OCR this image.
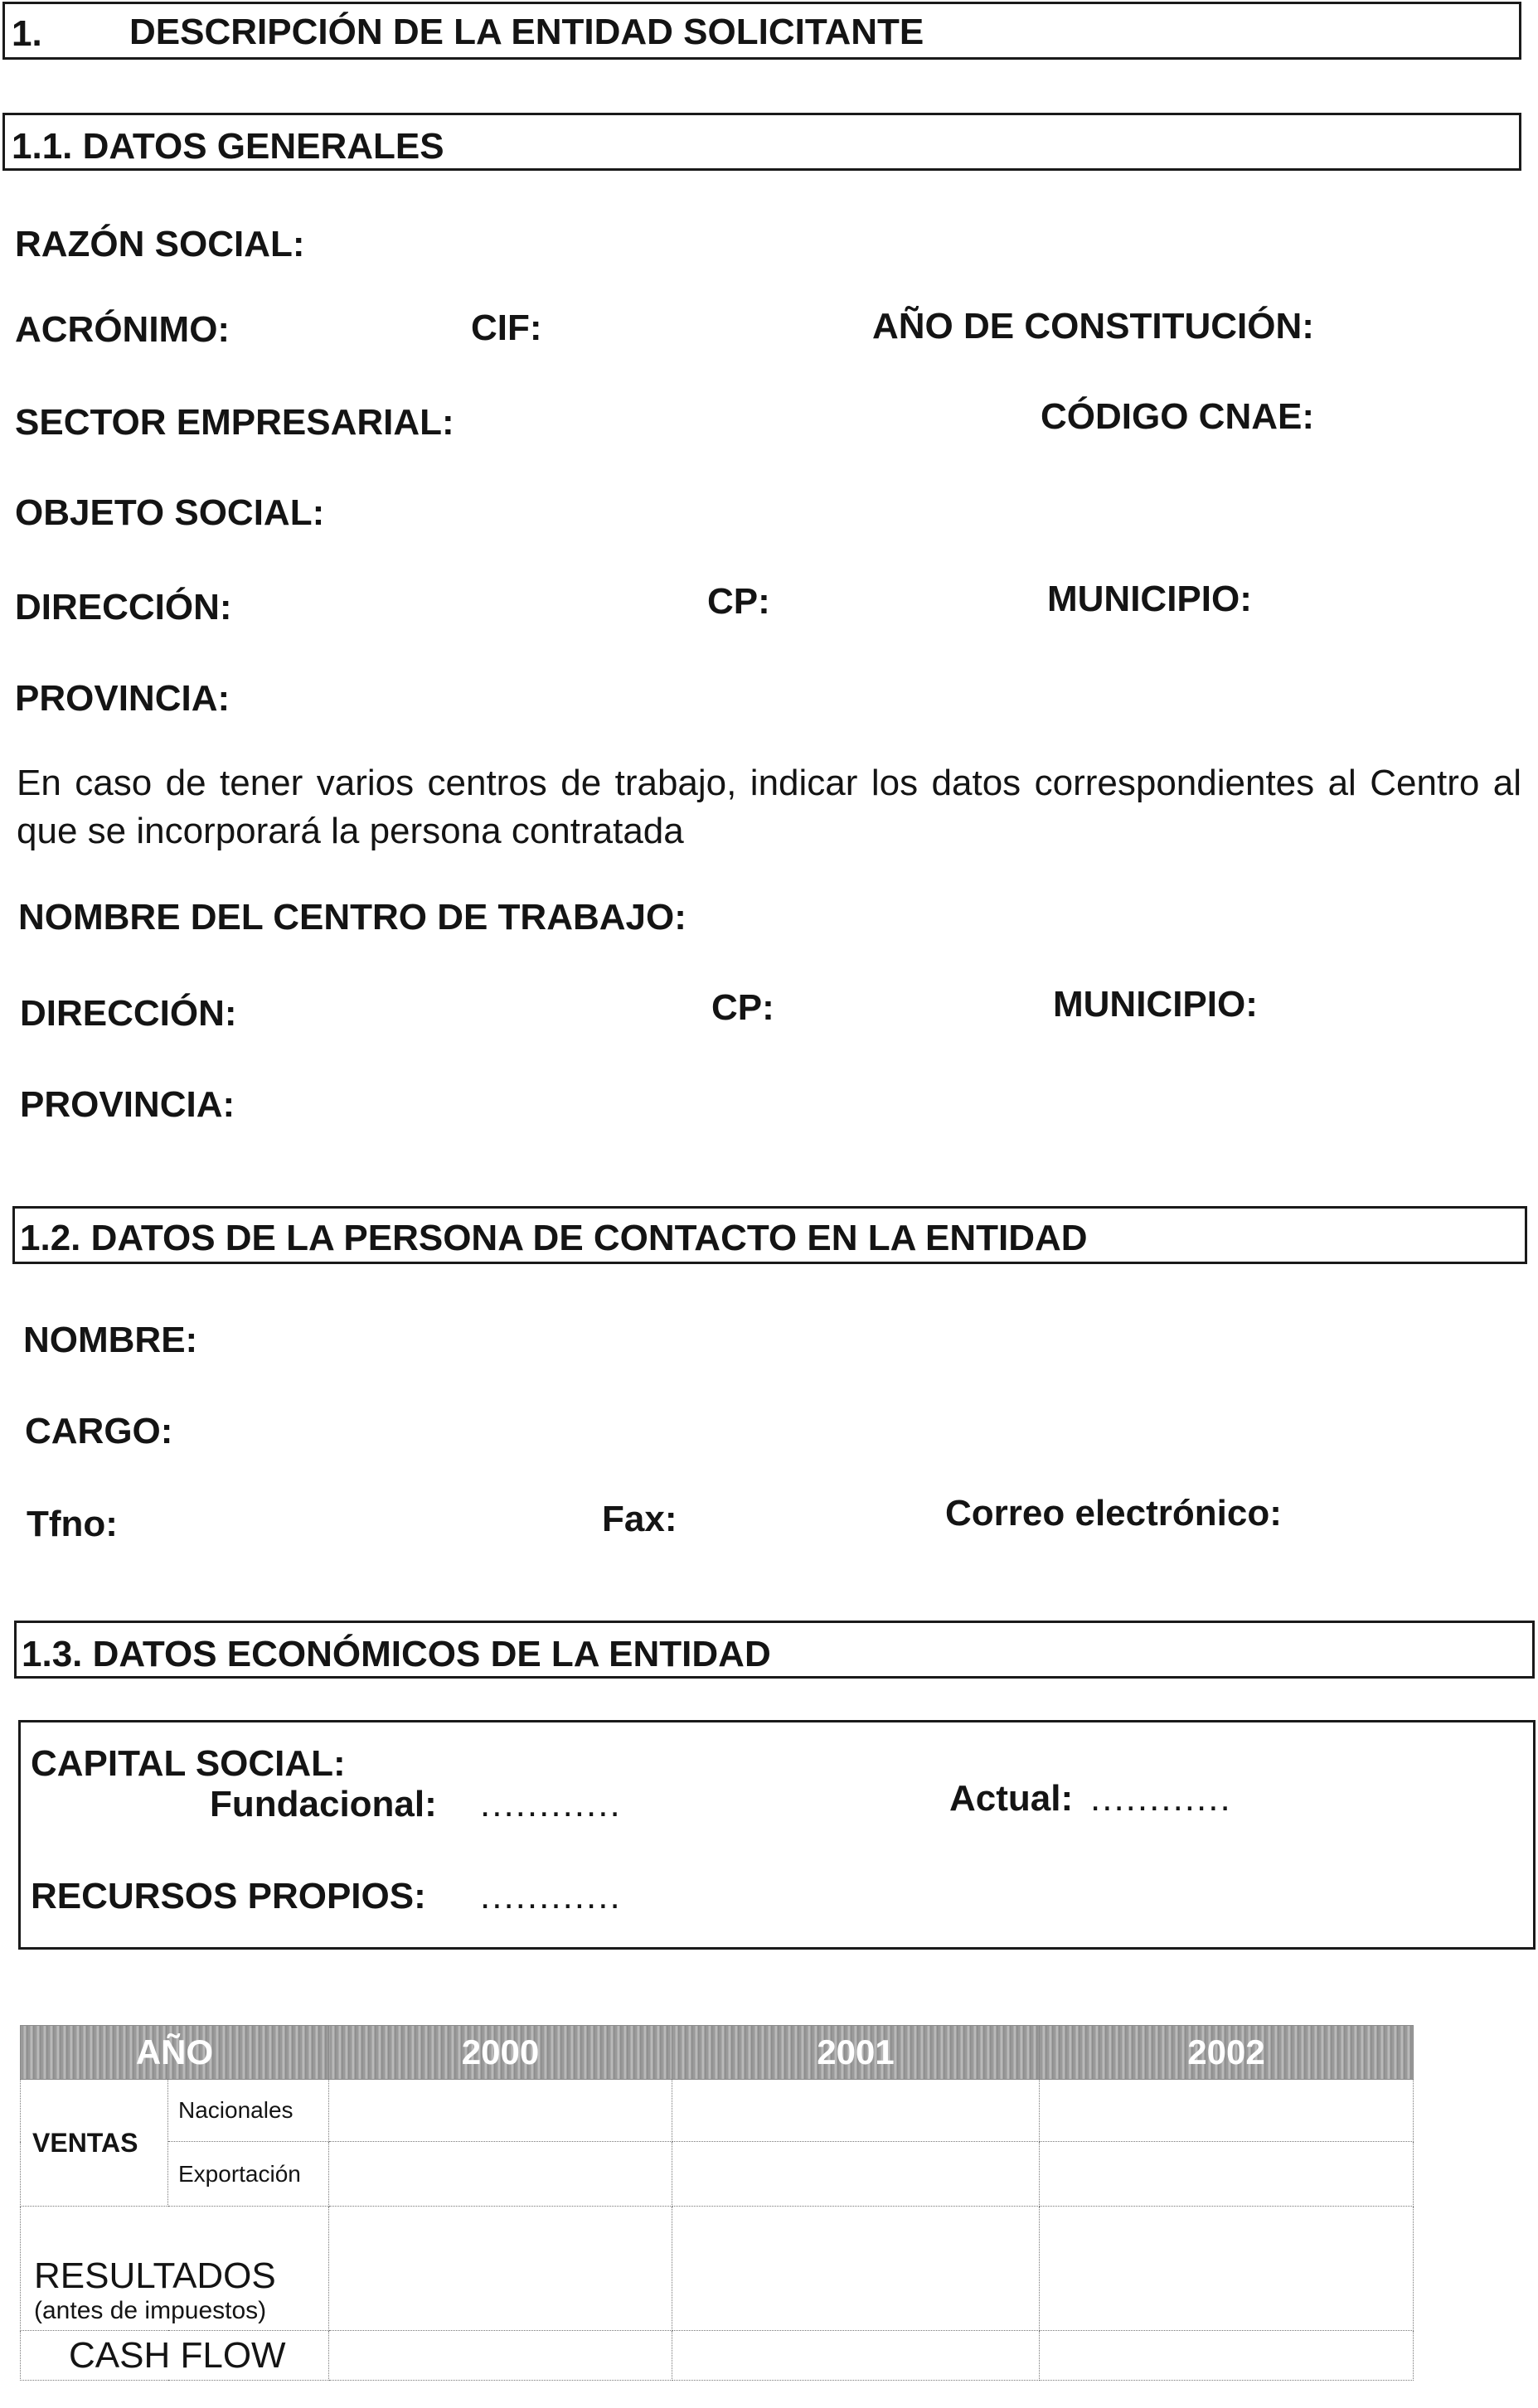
1. DESCRIPCIÓN DE LA ENTIDAD SOLICITANTE
1.1. DATOS GENERALES
RAZÓN SOCIAL:
ACRÓNIMO:	CIF:	AÑO DE CONSTITUCIÓN:
SECTOR EMPRESARIAL:	CÓDIGO CNAE:
OBJETO SOCIAL:
DIRECCIÓN:	CP:	MUNICIPIO:
PROVINCIA:
En caso de tener varios centros de trabajo, indicar los datos correspondientes al Centro al que se incorporará la persona contratada
NOMBRE DEL CENTRO DE TRABAJO:
DIRECCIÓN:	CP:	MUNICIPIO:
PROVINCIA:
1.2. DATOS DE LA PERSONA DE CONTACTO EN LA ENTIDAD
NOMBRE:
CARGO:
Tfno:	Fax:	Correo electrónico:
1.3. DATOS ECONÓMICOS DE LA ENTIDAD
CAPITAL SOCIAL:
Fundacional: ............	Actual: ............
RECURSOS PROPIOS: ............
AÑO		2000	2001	2002
VENTAS	Nacionales			
	Exportación			

RESULTADOS
(antes de impuestos)				

CASH FLOW				
